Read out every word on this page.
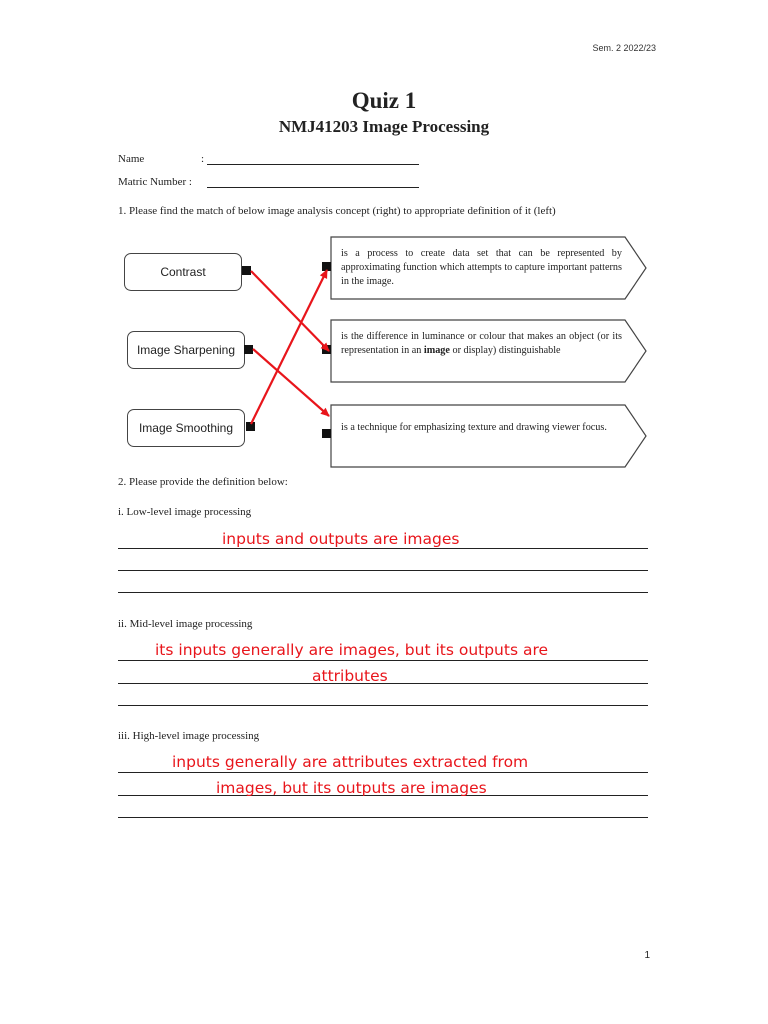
Sem. 2 2022/23
Quiz 1
NMJ41203 Image Processing
Name	:
Matric Number :
1. Please find the match of below image analysis concept (right) to appropriate definition of it (left)
Contrast
Image Sharpening
Image Smoothing
is a process to create data set that can be represented by approximating function which attempts to capture important patterns in the image.
is the difference in luminance or colour that makes an object (or its representation in an image or display) distinguishable
is a technique for emphasizing texture and drawing viewer focus.
2. Please provide the definition below:
i. Low-level image processing
inputs and outputs are images
ii. Mid-level image processing
its inputs generally are images, but its outputs are
attributes
iii. High-level image processing
inputs generally are attributes extracted from
images, but its outputs are images
1
